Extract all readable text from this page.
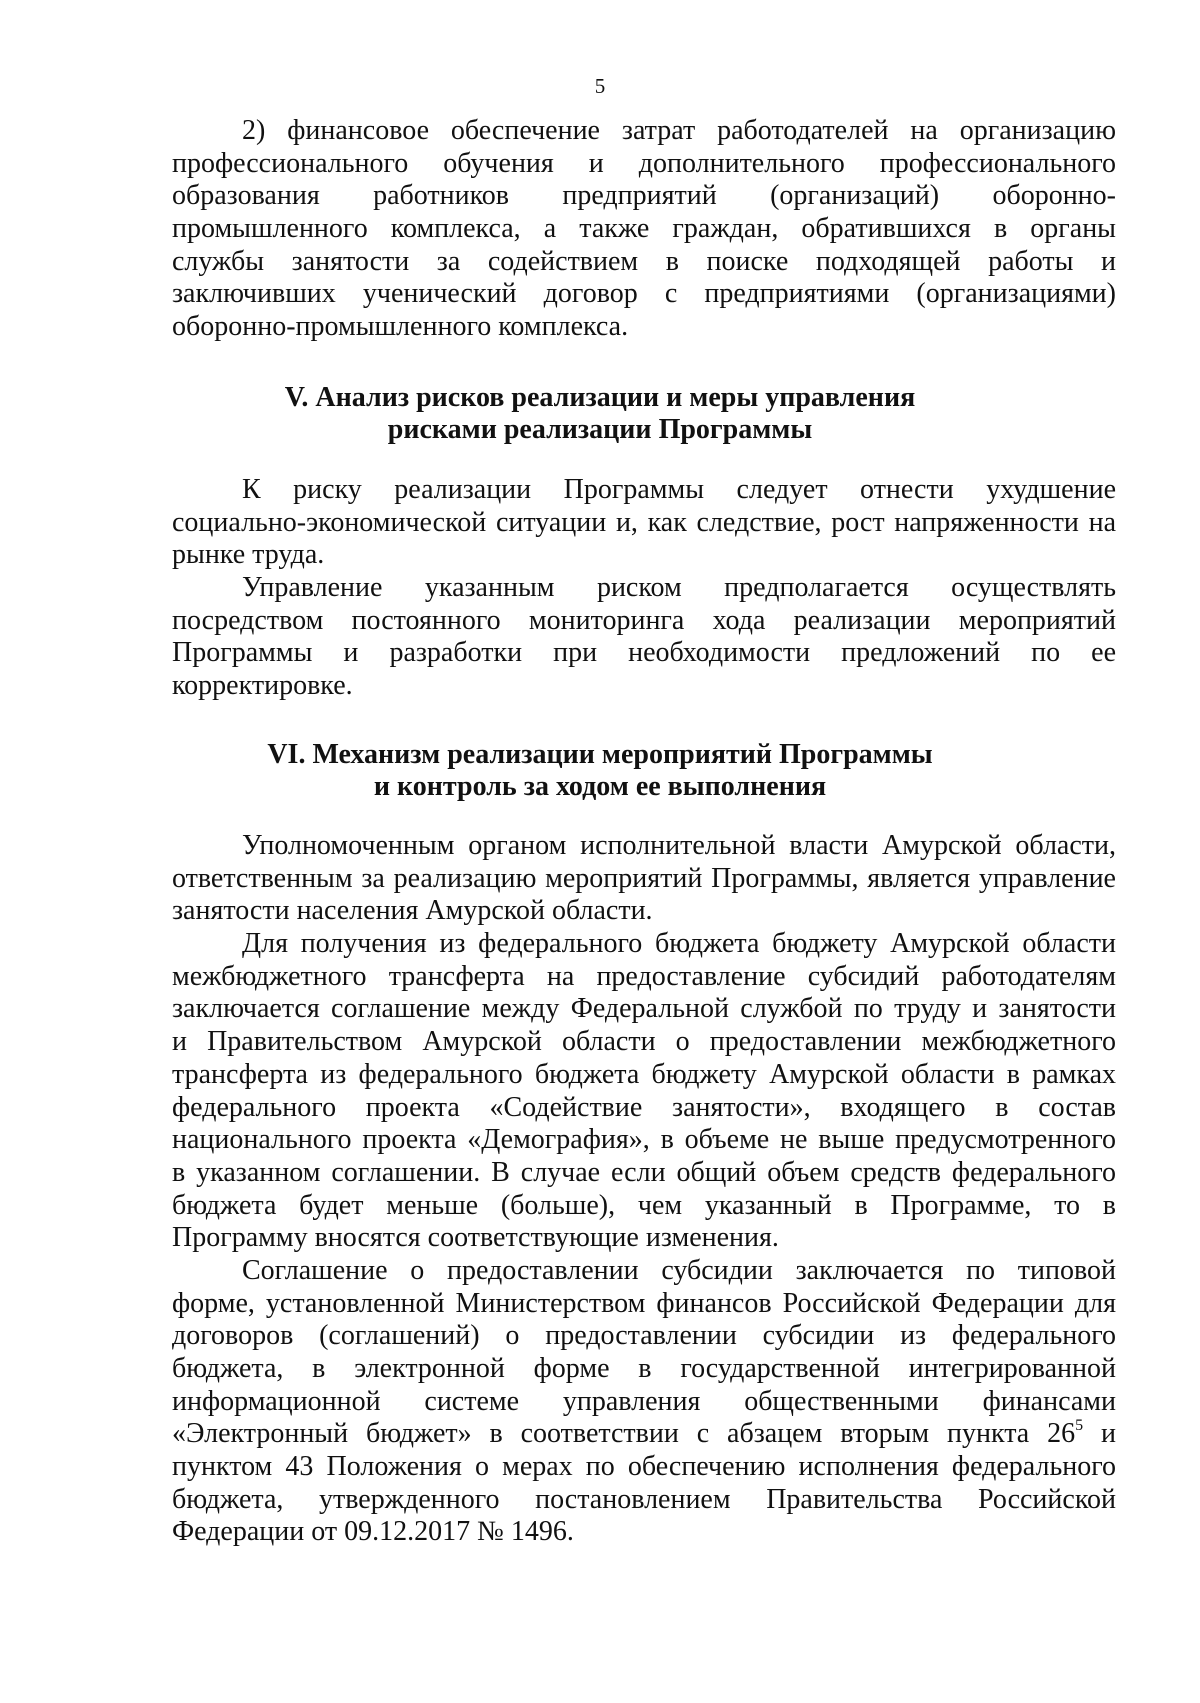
5
2) финансовое обеспечение затрат работодателей на организацию
профессионального обучения и дополнительного профессионального
образования работников предприятий (организаций) оборонно-
промышленного комплекса, а также граждан, обратившихся в органы
службы занятости за содействием в поиске подходящей работы и
заключивших ученический договор с предприятиями (организациями)
оборонно-промышленного комплекса.
V. Анализ рисков реализации и меры управления
рисками реализации Программы
К риску реализации Программы следует отнести ухудшение
социально-экономической ситуации и, как следствие, рост напряженности на
рынке труда.
Управление указанным риском предполагается осуществлять
посредством постоянного мониторинга хода реализации мероприятий
Программы и разработки при необходимости предложений по ее
корректировке.
VI. Механизм реализации мероприятий Программы
и контроль за ходом ее выполнения
Уполномоченным органом исполнительной власти Амурской области,
ответственным за реализацию мероприятий Программы, является управление
занятости населения Амурской области.
Для получения из федерального бюджета бюджету Амурской области
межбюджетного трансферта на предоставление субсидий работодателям
заключается соглашение между Федеральной службой по труду и занятости
и Правительством Амурской области о предоставлении межбюджетного
трансферта из федерального бюджета бюджету Амурской области в рамках
федерального проекта «Содействие занятости», входящего в состав
национального проекта «Демография», в объеме не выше предусмотренного
в указанном соглашении. В случае если общий объем средств федерального
бюджета будет меньше (больше), чем указанный в Программе, то в
Программу вносятся соответствующие изменения.
Соглашение о предоставлении субсидии заключается по типовой
форме, установленной Министерством финансов Российской Федерации для
договоров (соглашений) о предоставлении субсидии из федерального
бюджета, в электронной форме в государственной интегрированной
информационной системе управления общественными финансами
«Электронный бюджет» в соответствии с абзацем вторым пункта $26^5$ и
пунктом 43 Положения о мерах по обеспечению исполнения федерального
бюджета, утвержденного постановлением Правительства Российской
Федерации от 09.12.2017 № 1496.
